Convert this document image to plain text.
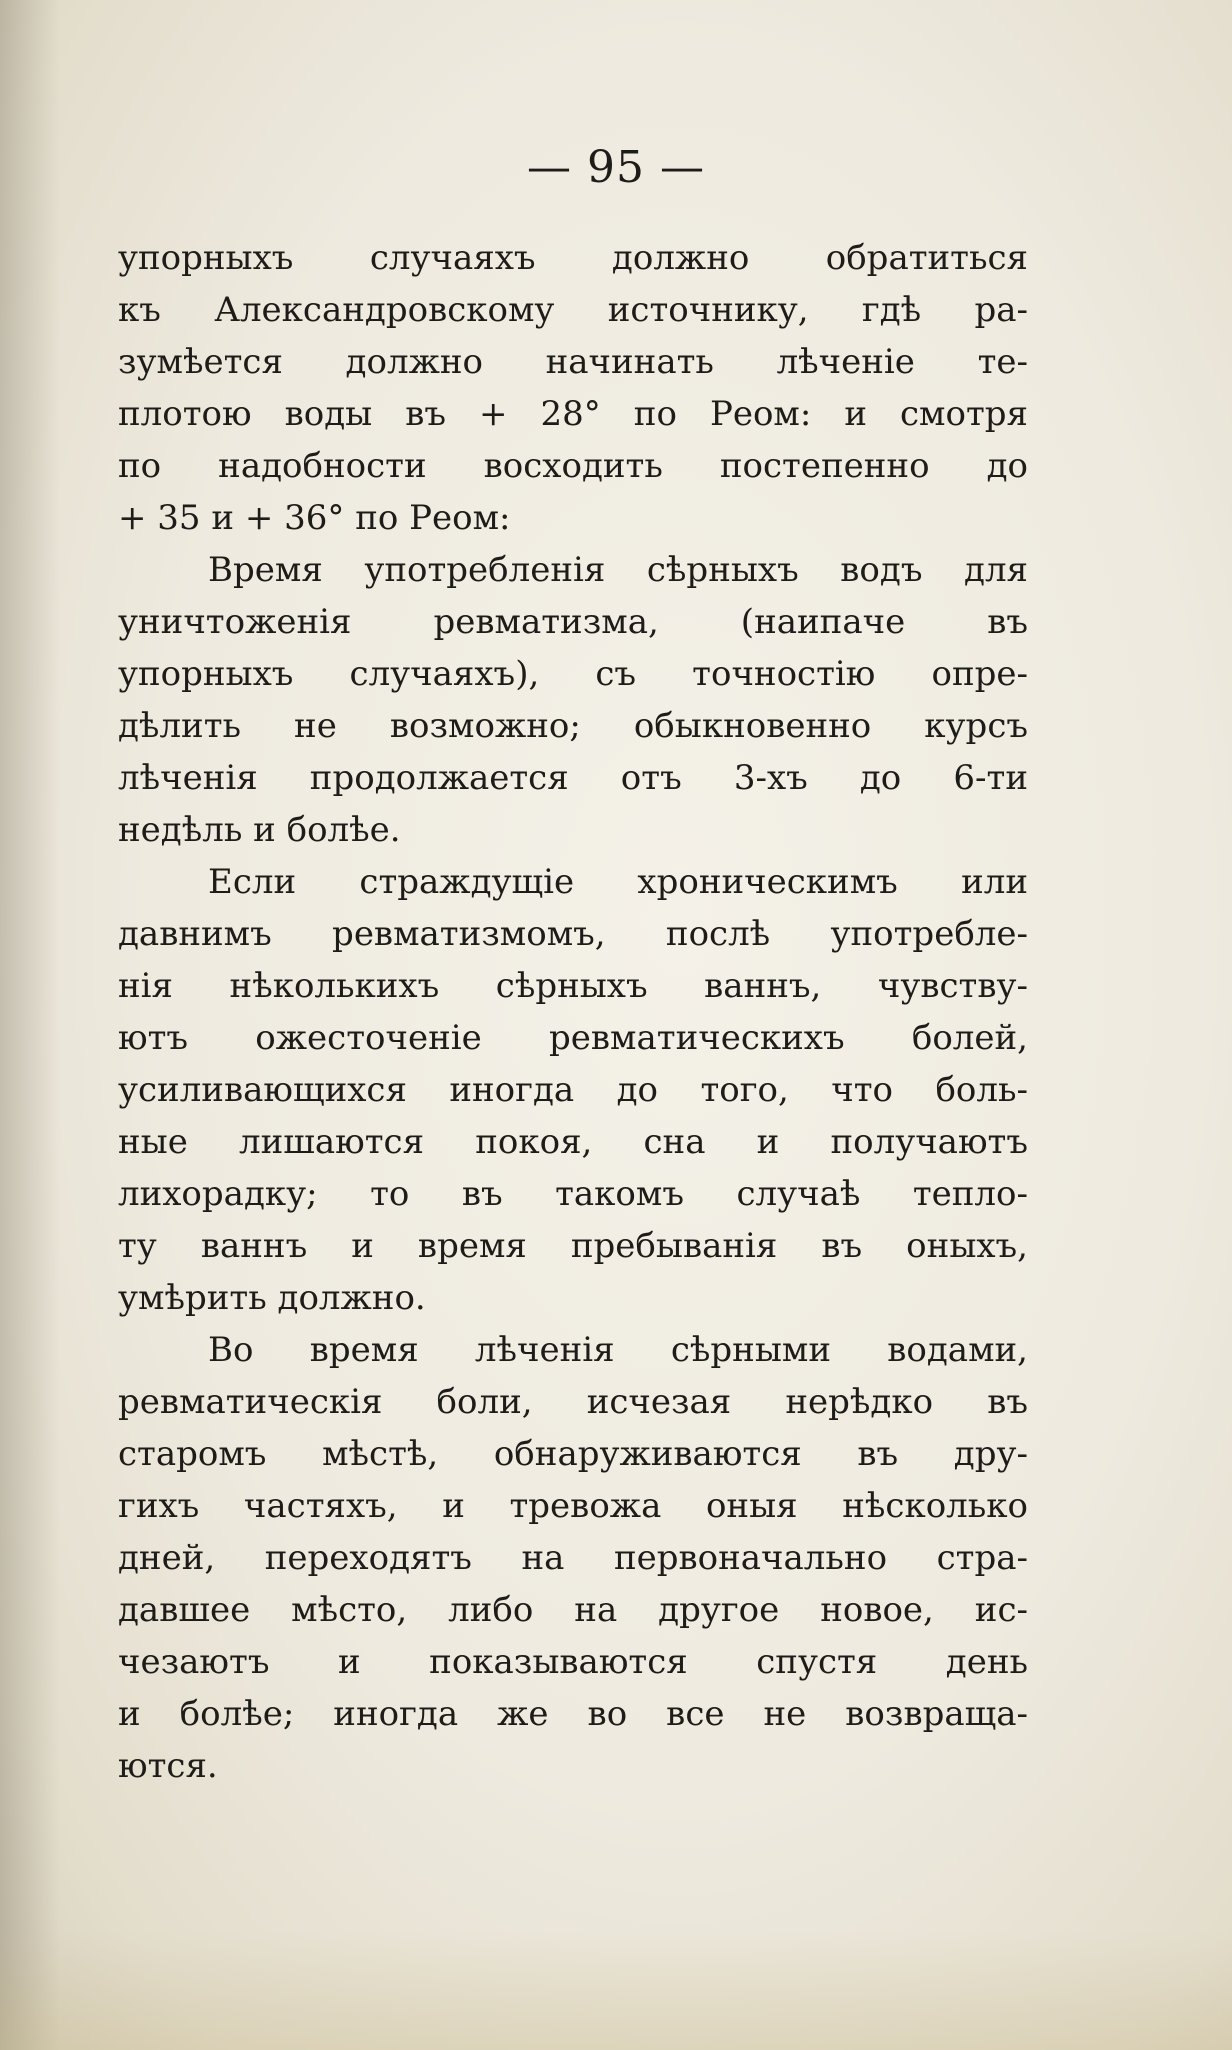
— 95 —
упорныхъ случаяхъ должно обратиться
къ Александровскому источнику, гдѣ ра-
зумѣется должно начинать лѣченіе те-
плотою воды въ + 28° по Реом: и смотря
по надобности восходить постепенно до
+ 35 и + 36° по Реом:
Время употребленія сѣрныхъ водъ для
уничтоженія ревматизма, (наипаче въ
упорныхъ случаяхъ), съ точностію опре-
дѣлить не возможно; обыкновенно курсъ
лѣченія продолжается отъ 3-хъ до 6-ти
недѣль и болѣе.
Если страждущіе хроническимъ или
давнимъ ревматизмомъ, послѣ употребле-
нія нѣколькихъ сѣрныхъ ваннъ, чувству-
ютъ ожесточеніе ревматическихъ болей,
усиливающихся иногда до того, что боль-
ные лишаются покоя, сна и получаютъ
лихорадку; то въ такомъ случаѣ тепло-
ту ваннъ и время пребыванія въ оныхъ,
умѣрить должно.
Во время лѣченія сѣрными водами,
ревматическія боли, исчезая нерѣдко въ
старомъ мѣстѣ, обнаруживаются въ дру-
гихъ частяхъ, и тревожа оныя нѣсколько
дней, переходятъ на первоначально стра-
давшее мѣсто, либо на другое новое, ис-
чезаютъ и показываются спустя день
и болѣе; иногда же во все не возвраща-
ются.
